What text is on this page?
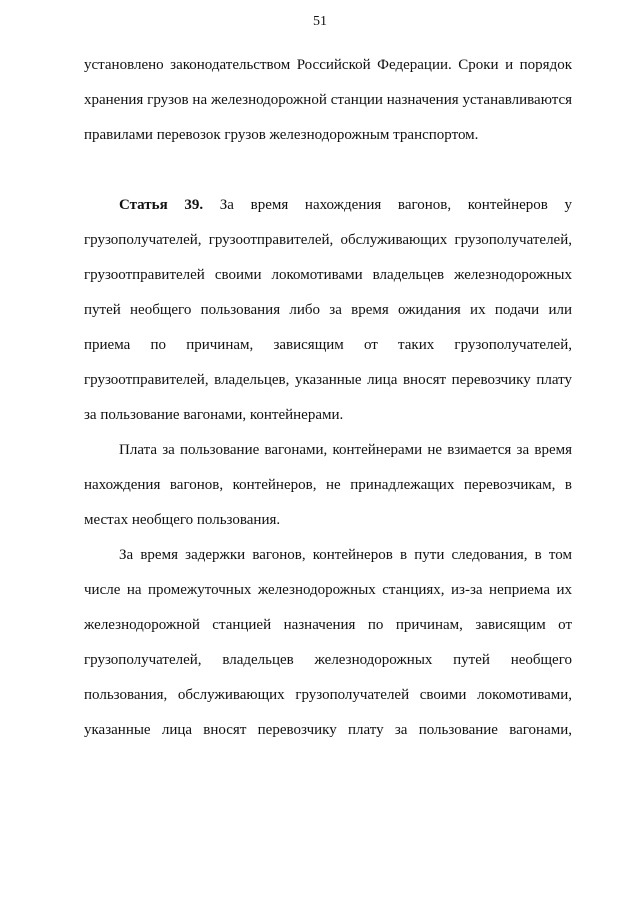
51

установлено законодательством Российской Федерации. Сроки и порядок хранения грузов на железнодорожной станции назначения устанавливаются правилами перевозок грузов железнодорожным транспортом.

Статья 39. За время нахождения вагонов, контейнеров у грузополучателей, грузоотправителей, обслуживающих грузополучателей, грузоотправителей своими локомотивами владельцев железнодорожных путей необщего пользования либо за время ожидания их подачи или приема по причинам, зависящим от таких грузополучателей, грузоотправителей, владельцев, указанные лица вносят перевозчику плату за пользование вагонами, контейнерами.

Плата за пользование вагонами, контейнерами не взимается за время нахождения вагонов, контейнеров, не принадлежащих перевозчикам, в местах необщего пользования.

За время задержки вагонов, контейнеров в пути следования, в том числе на промежуточных железнодорожных станциях, из-за неприема их железнодорожной станцией назначения по причинам, зависящим от грузополучателей, владельцев железнодорожных путей необщего пользования, обслуживающих грузополучателей своими локомотивами, указанные лица вносят перевозчику плату за пользование вагонами,
